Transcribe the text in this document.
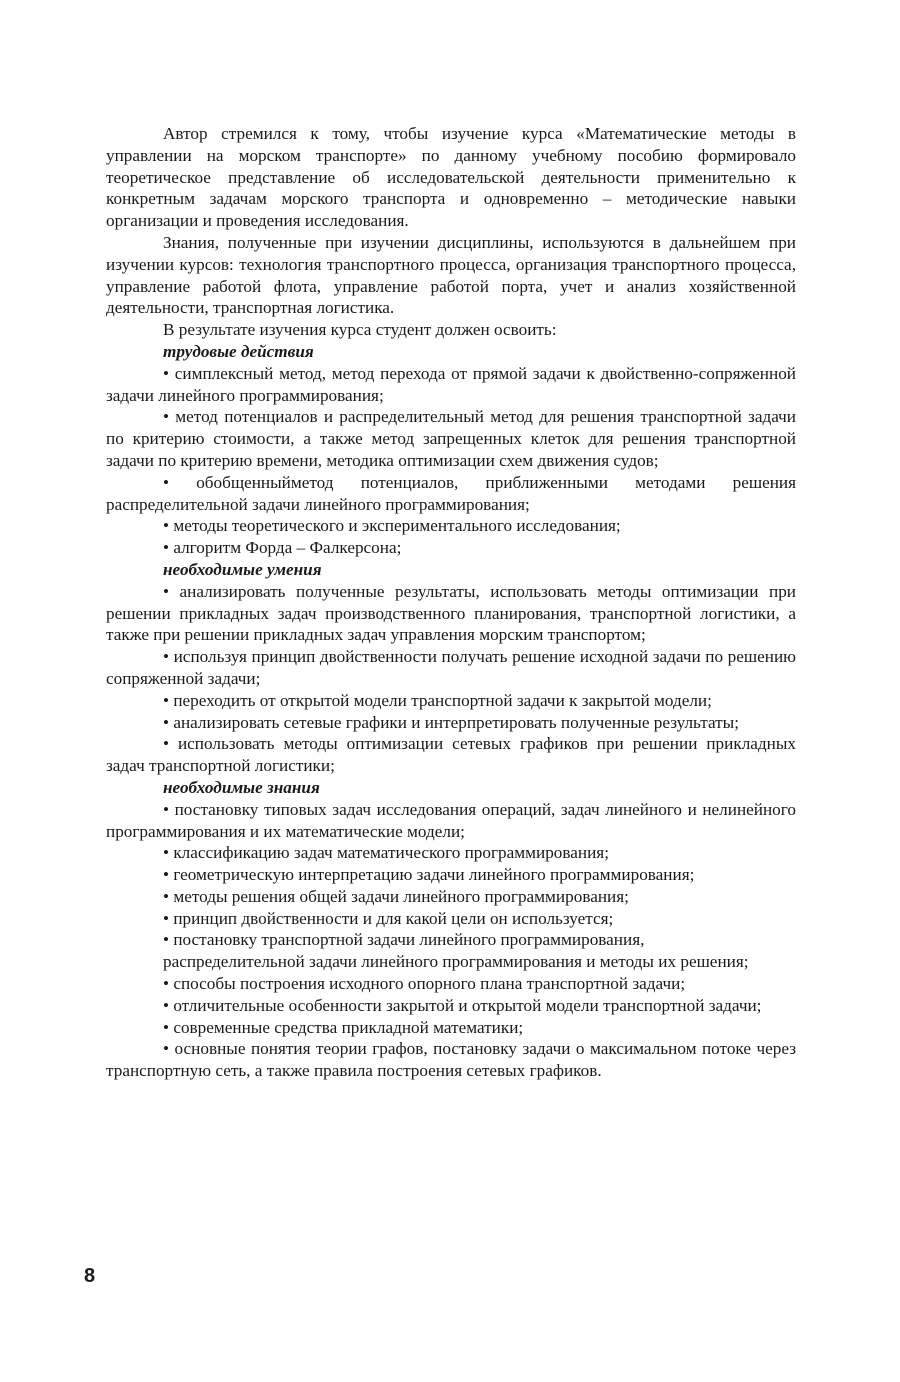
Автор стремился к тому, чтобы изучение курса «Математические методы в управлении на морском транспорте» по данному учебному пособию формировало теоретическое представление об исследовательской деятельности применительно к конкретным задачам морского транспорта и одновременно – методические навыки организации и проведения исследования.

Знания, полученные при изучении дисциплины, используются в дальнейшем при изучении курсов: технология транспортного процесса, организация транспортного процесса, управление работой флота, управление работой порта, учет и анализ хозяйственной деятельности, транспортная логистика.

В результате изучения курса студент должен освоить:

трудовые действия

• симплексный метод, метод перехода от прямой задачи к двойственно-сопряженной задачи линейного программирования;

• метод потенциалов и распределительный метод для решения транспортной задачи по критерию стоимости, а также метод запрещенных клеток для решения транспортной задачи по критерию времени, методика оптимизации схем движения судов;

• обобщенныйметод потенциалов, приближенными методами решения распределительной задачи линейного программирования;

• методы теоретического и экспериментального исследования;

• алгоритм Форда – Фалкерсона;

необходимые умения

• анализировать полученные результаты, использовать методы оптимизации при решении прикладных задач производственного планирования, транспортной логистики, а также при решении прикладных задач управления морским транспортом;

• используя принцип двойственности получать решение исходной задачи по решению сопряженной задачи;

• переходить от открытой модели транспортной задачи к закрытой модели;

• анализировать сетевые графики и интерпретировать полученные результаты;

• использовать методы оптимизации сетевых графиков при решении прикладных задач транспортной логистики;

необходимые знания

• постановку типовых задач исследования операций, задач линейного и нелинейного программирования и их математические модели;

• классификацию задач математического программирования;

• геометрическую интерпретацию задачи линейного программирования;

• методы решения общей задачи линейного программирования;

• принцип двойственности и для какой цели он используется;

• постановку транспортной задачи линейного программирования,

распределительной задачи линейного программирования и методы их решения;

• способы построения исходного опорного плана транспортной задачи;

• отличительные особенности закрытой и открытой модели транспортной задачи;

• современные средства прикладной математики;

• основные понятия теории графов, постановку задачи о максимальном потоке через транспортную сеть, а также правила построения сетевых графиков.

8
